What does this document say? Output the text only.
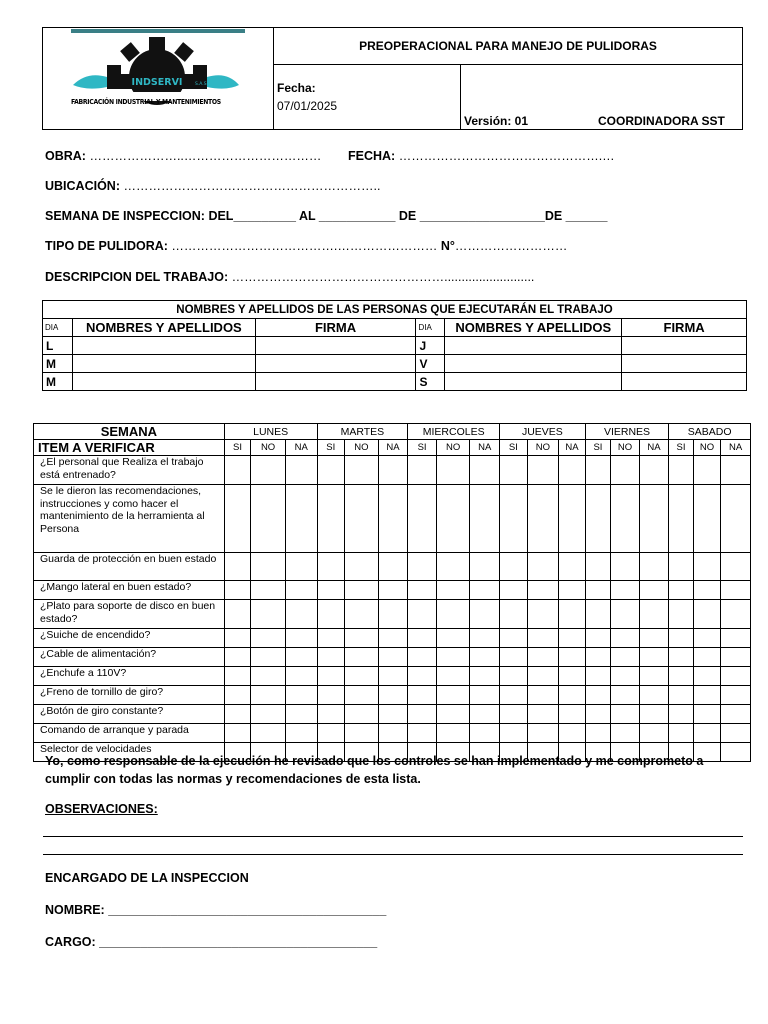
INDSERVI	S.A.S.
FABRICACIÓN INDUSTRIAL Y MANTENIMIENTOS
PREOPERACIONAL PARA MANEJO DE PULIDORAS
Fecha:
07/01/2025
Versión: 01	COORDINADORA SST
OBRA: …………………..…………………………… FECHA: ………………………………………….…
UBICACIÓN: ……………………………………………………..
SEMANA DE INSPECCION: DEL_________ AL ___________ DE __________________DE ______
TIPO DE PULIDORA: ………………………………….…………………… N°………………………
DESCRIPCION DEL TRABAJO: ……………………………………………..........................
NOMBRES Y APELLIDOS DE LAS PERSONAS QUE EJECUTARÁN EL TRABAJO					
DIA	NOMBRES Y APELLIDOS	FIRMA	DIA	NOMBRES Y APELLIDOS	FIRMA
L			J		
M			V		
M			S		
SEMANA	LUNES			MARTES			MIERCOLES			JUEVES			VIERNES			SABADO		
ITEM A VERIFICAR	SI	NO	NA	SI	NO	NA	SI	NO	NA	SI	NO	NA	SI	NO	NA	SI	NO	NA
¿El personal que Realiza el trabajo está entrenado?																		
Se le dieron las recomendaciones, instrucciones y como hacer el mantenimiento de la herramienta al Persona																		
Guarda de protección en buen estado																		
¿Mango lateral en buen estado?																		
¿Plato para soporte de disco en buen estado?																		
¿Suiche de encendido?																		
¿Cable de alimentación?																		
¿Enchufe a 110V?																		
¿Freno de tornillo de giro?																		
¿Botón de giro constante?																		
Comando de arranque y parada																		
Selector de velocidades																		
Yo, como responsable de la ejecución he revisado que los controles se han implementado y me comprometo a cumplir con todas las normas y recomendaciones de esta lista.
OBSERVACIONES:
ENCARGADO DE LA INSPECCION
NOMBRE: ________________________________________
CARGO: ________________________________________
